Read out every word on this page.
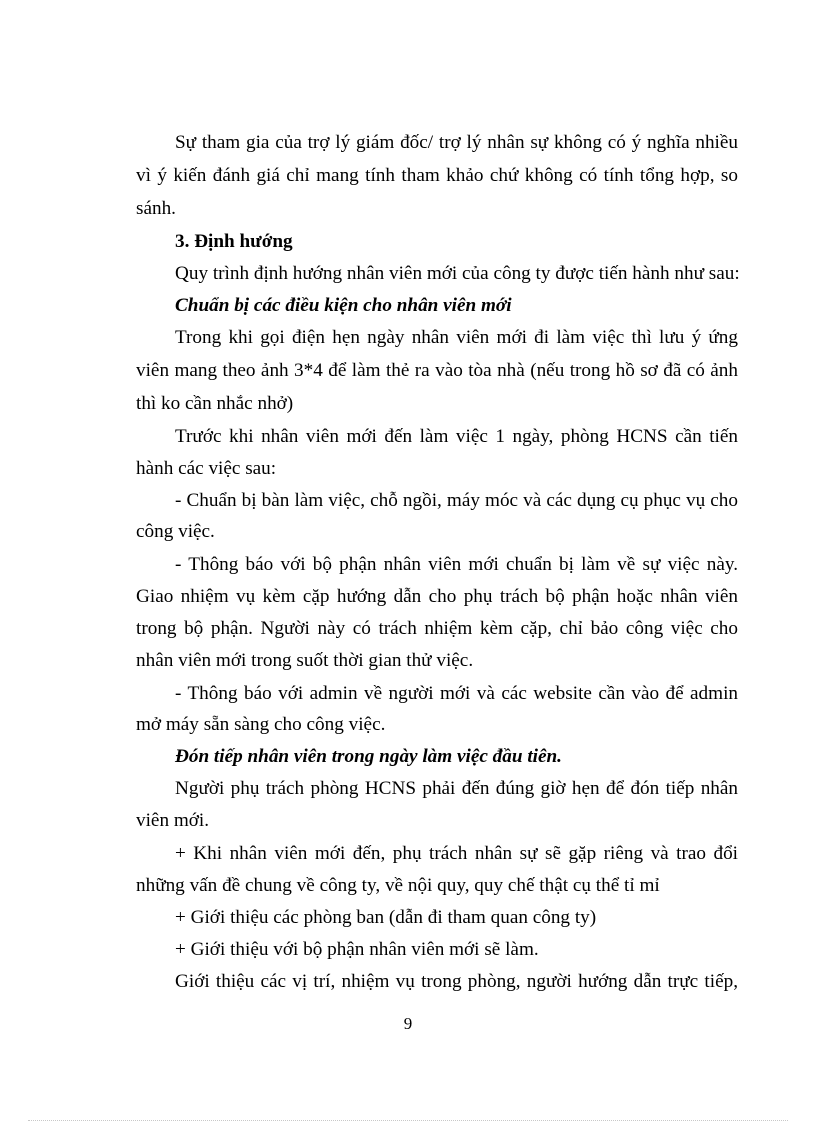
Sự tham gia của trợ lý giám đốc/ trợ lý nhân sự không có ý nghĩa nhiều
vì ý kiến đánh giá chỉ mang tính tham khảo chứ không có tính tổng hợp, so
sánh.
3. Định hướng
Quy trình định hướng nhân viên mới của công ty được tiến hành như sau:
Chuẩn bị các điều kiện cho nhân viên mới
Trong khi gọi điện hẹn ngày nhân viên mới đi làm việc thì lưu ý ứng
viên mang theo ảnh 3*4 để làm thẻ ra vào tòa nhà (nếu trong hồ sơ đã có ảnh
thì ko cần nhắc nhở)
Trước khi nhân viên mới đến làm việc 1 ngày, phòng HCNS cần tiến
hành các việc sau:
- Chuẩn bị bàn làm việc, chỗ ngồi, máy móc và các dụng cụ phục vụ cho
công việc.
- Thông báo với bộ phận nhân viên mới chuẩn bị làm về sự việc này.
Giao nhiệm vụ kèm cặp hướng dẫn cho phụ trách bộ phận hoặc nhân viên
trong bộ phận. Người này có trách nhiệm kèm cặp, chỉ bảo công việc cho
nhân viên mới trong suốt thời gian thử việc.
- Thông báo với admin về người mới và các website cần vào để admin
mở máy sẵn sàng cho công việc.
Đón tiếp nhân viên trong ngày làm việc đầu tiên.
Người phụ trách phòng HCNS phải đến đúng giờ hẹn để đón tiếp nhân
viên mới.
+ Khi nhân viên mới đến, phụ trách nhân sự sẽ gặp riêng và trao đổi
những vấn đề chung về công ty, về nội quy, quy chế thật cụ thể tỉ mỉ
+ Giới thiệu các phòng ban (dẫn đi tham quan công ty)
+ Giới thiệu với bộ phận nhân viên mới sẽ làm.
Giới thiệu các vị trí, nhiệm vụ trong phòng, người hướng dẫn trực tiếp,
9
